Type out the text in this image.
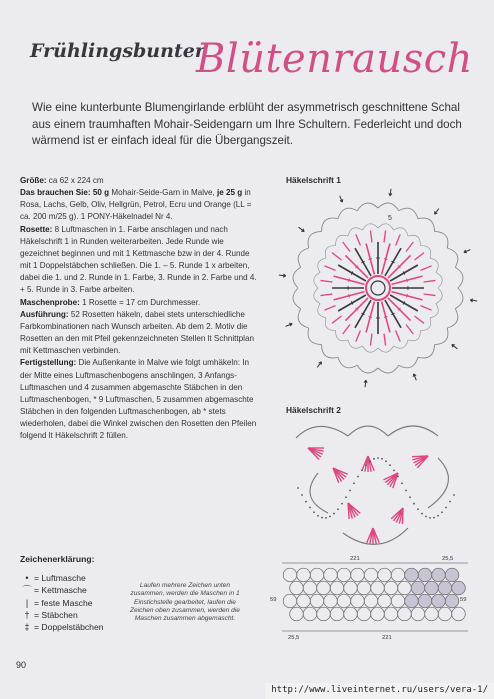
Frühlingsbunter
Blütenrausch
Wie eine kunterbunte Blumengirlande erblüht der asymmetrisch geschnittene Schal aus einem traumhaften Mohair-Seidengarn um Ihre Schultern. Federleicht und doch wärmend ist er einfach ideal für die Übergangszeit.

Größe: ca 62 x 224 cm

Das brauchen Sie: 50 g Mohair-Seide-Garn in Malve, je 25 g in Rosa, Lachs, Gelb, Oliv, Hellgrün, Petrol, Ecru und Orange (LL = ca. 200 m/25 g). 1 PONY-Häkelnadel Nr 4.

Rosette: 8 Luftmaschen in 1. Farbe anschlagen und nach Häkelschrift 1 in Runden weiterarbeiten. Jede Runde wie gezeichnet beginnen und mit 1 Kettmasche bzw in der 4. Runde mit 1 Doppelstäbchen schließen. Die 1. – 5. Runde 1 x arbeiten, dabei die 1. und 2. Runde in 1. Farbe, 3. Runde in 2. Farbe und 4. + 5. Runde in 3. Farbe arbeiten.

Maschenprobe: 1 Rosette = 17 cm Durchmesser.

Ausführung: 52 Rosetten häkeln, dabei stets unterschiedliche Farbkombinationen nach Wunsch arbeiten. Ab dem 2. Motiv die Rosetten an den mit Pfeil gekennzeichneten Stellen lt Schnittplan mit Kettmaschen verbinden.

Fertigstellung: Die Außenkante in Malve wie folgt umhäkeln: In der Mitte eines Luftmaschenbogens anschlingen, 3 Anfangs-Luftmaschen und 4 zusammen abgemaschte Stäbchen in den Luftmaschenbogen, * 9 Luftmaschen, 5 zusammen abgemaschte Stäbchen in den folgenden Luftmaschenbogen, ab * stets wiederholen, dabei die Winkel zwischen den Rosetten den Pfeilen folgend lt Häkelschrift 2 füllen.

Häkelschrift 1
5
Häkelschrift 2
Zeichenerklärung:
• = Luftmasche
⌒ = Kettmasche
| = feste Masche
† = Stäbchen
‡ = Doppelstäbchen
Laufen mehrere Zeichen unten zusammen, werden die Maschen in 1 Einstichstelle gearbeitet, laufen die Zeichen oben zusammen, werden die Maschen zusammen abgemascht.
221	25,5
59	59
25,5	221
90
http://www.liveinternet.ru/users/vera-1/
